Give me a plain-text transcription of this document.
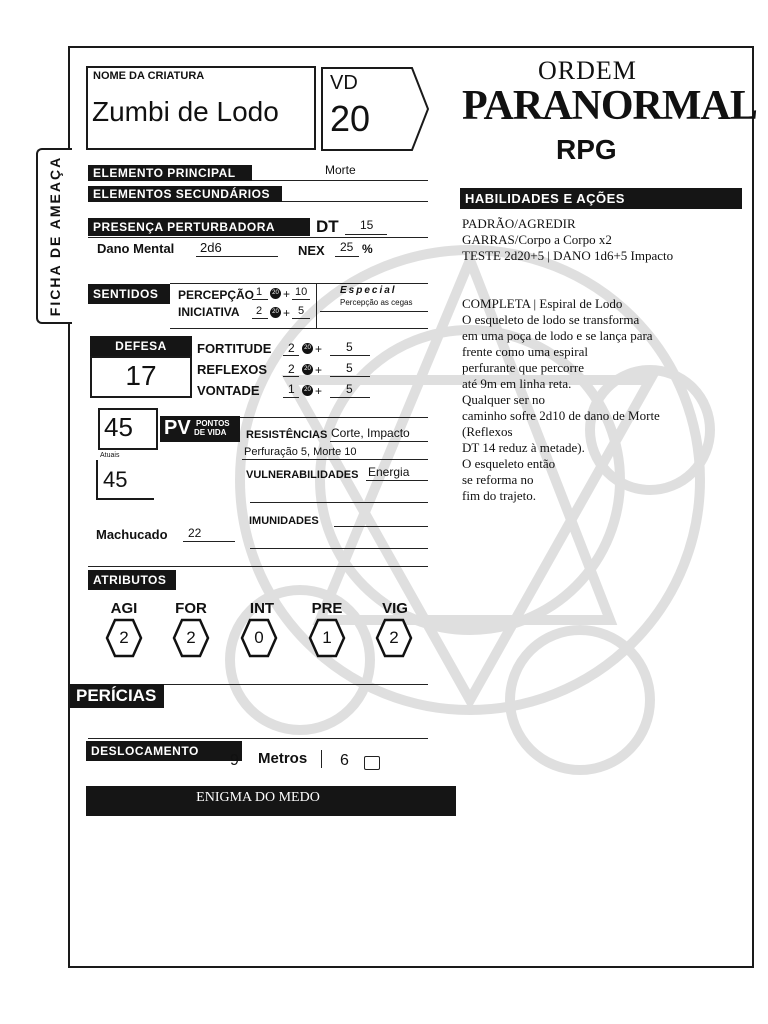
FICHA DE AMEAÇA
NOME DA CRIATURA
Zumbi de Lodo
VD
20
ORDEM
PARANORMAL
RPG
ELEMENTO PRINCIPAL	Morte
ELEMENTOS SECUNDÁRIOS
PRESENÇA PERTURBADORA	DT 15
Dano Mental 2d6	NEX 25 %
SENTIDOS	PERCEPÇÃO 1	20 + 10
INICIATIVA 2	20 + 5
Especial
Percepção as cegas
DEFESA
17
FORTITUDE 2	20 + 5
REFLEXOS 2	20 + 5
VONTADE 1	20 + 5
45
Atuais
45
PV PONTOS
DE VIDA
Machucado 22
RESISTÊNCIAS Corte, Impacto
Perfuração 5, Morte 10
VULNERABILIDADES Energia
IMUNIDADES
ATRIBUTOS
AGI
2
FOR
2
INT
0
PRE
1
VIG
2
PERÍCIAS
DESLOCAMENTO
9 Metros 6
ENIGMA DO MEDO
HABILIDADES E AÇÕES
PADRÃO/AGREDIR
GARRAS/Corpo a Corpo x2
TESTE 2d20+5 | DANO 1d6+5 Impacto
COMPLETA | Espiral de Lodo
O esqueleto de lodo se transforma
em uma poça de lodo e se lança para
frente como uma espiral
perfurante que percorre
até 9m em linha reta.
Qualquer ser no
caminho sofre 2d10 de dano de Morte
(Reflexos
DT 14 reduz à metade).
O esqueleto então
se reforma no
fim do trajeto.
